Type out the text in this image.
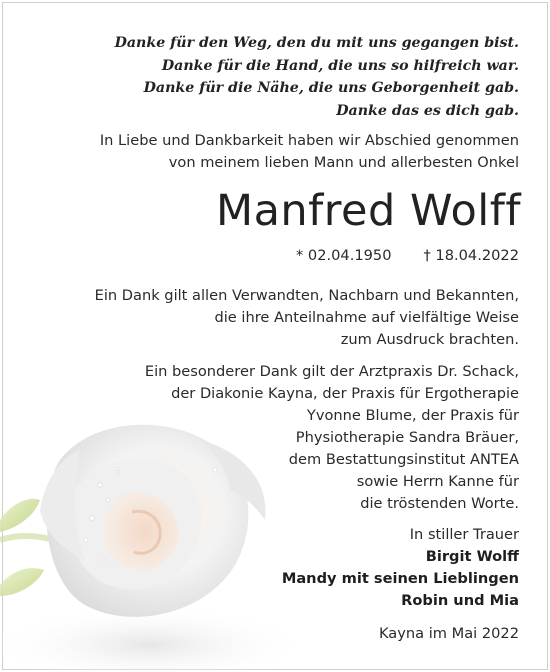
Danke für den Weg, den du mit uns gegangen bist.
Danke für die Hand, die uns so hilfreich war.
Danke für die Nähe, die uns Geborgenheit gab.
Danke das es dich gab.
In Liebe und Dankbarkeit haben wir Abschied genommen
von meinem lieben Mann und allerbesten Onkel
Manfred Wolff
* 02.04.1950 † 18.04.2022
Ein Dank gilt allen Verwandten, Nachbarn und Bekannten,
die ihre Anteilnahme auf vielfältige Weise
zum Ausdruck brachten.
Ein besonderer Dank gilt der Arztpraxis Dr. Schack,
der Diakonie Kayna, der Praxis für Ergotherapie
Yvonne Blume, der Praxis für
Physiotherapie Sandra Bräuer,
dem Bestattungsinstitut ANTEA
sowie Herrn Kanne für
die tröstenden Worte.
In stiller Trauer
Birgit Wolff
Mandy mit seinen Lieblingen
Robin und Mia
Kayna im Mai 2022
